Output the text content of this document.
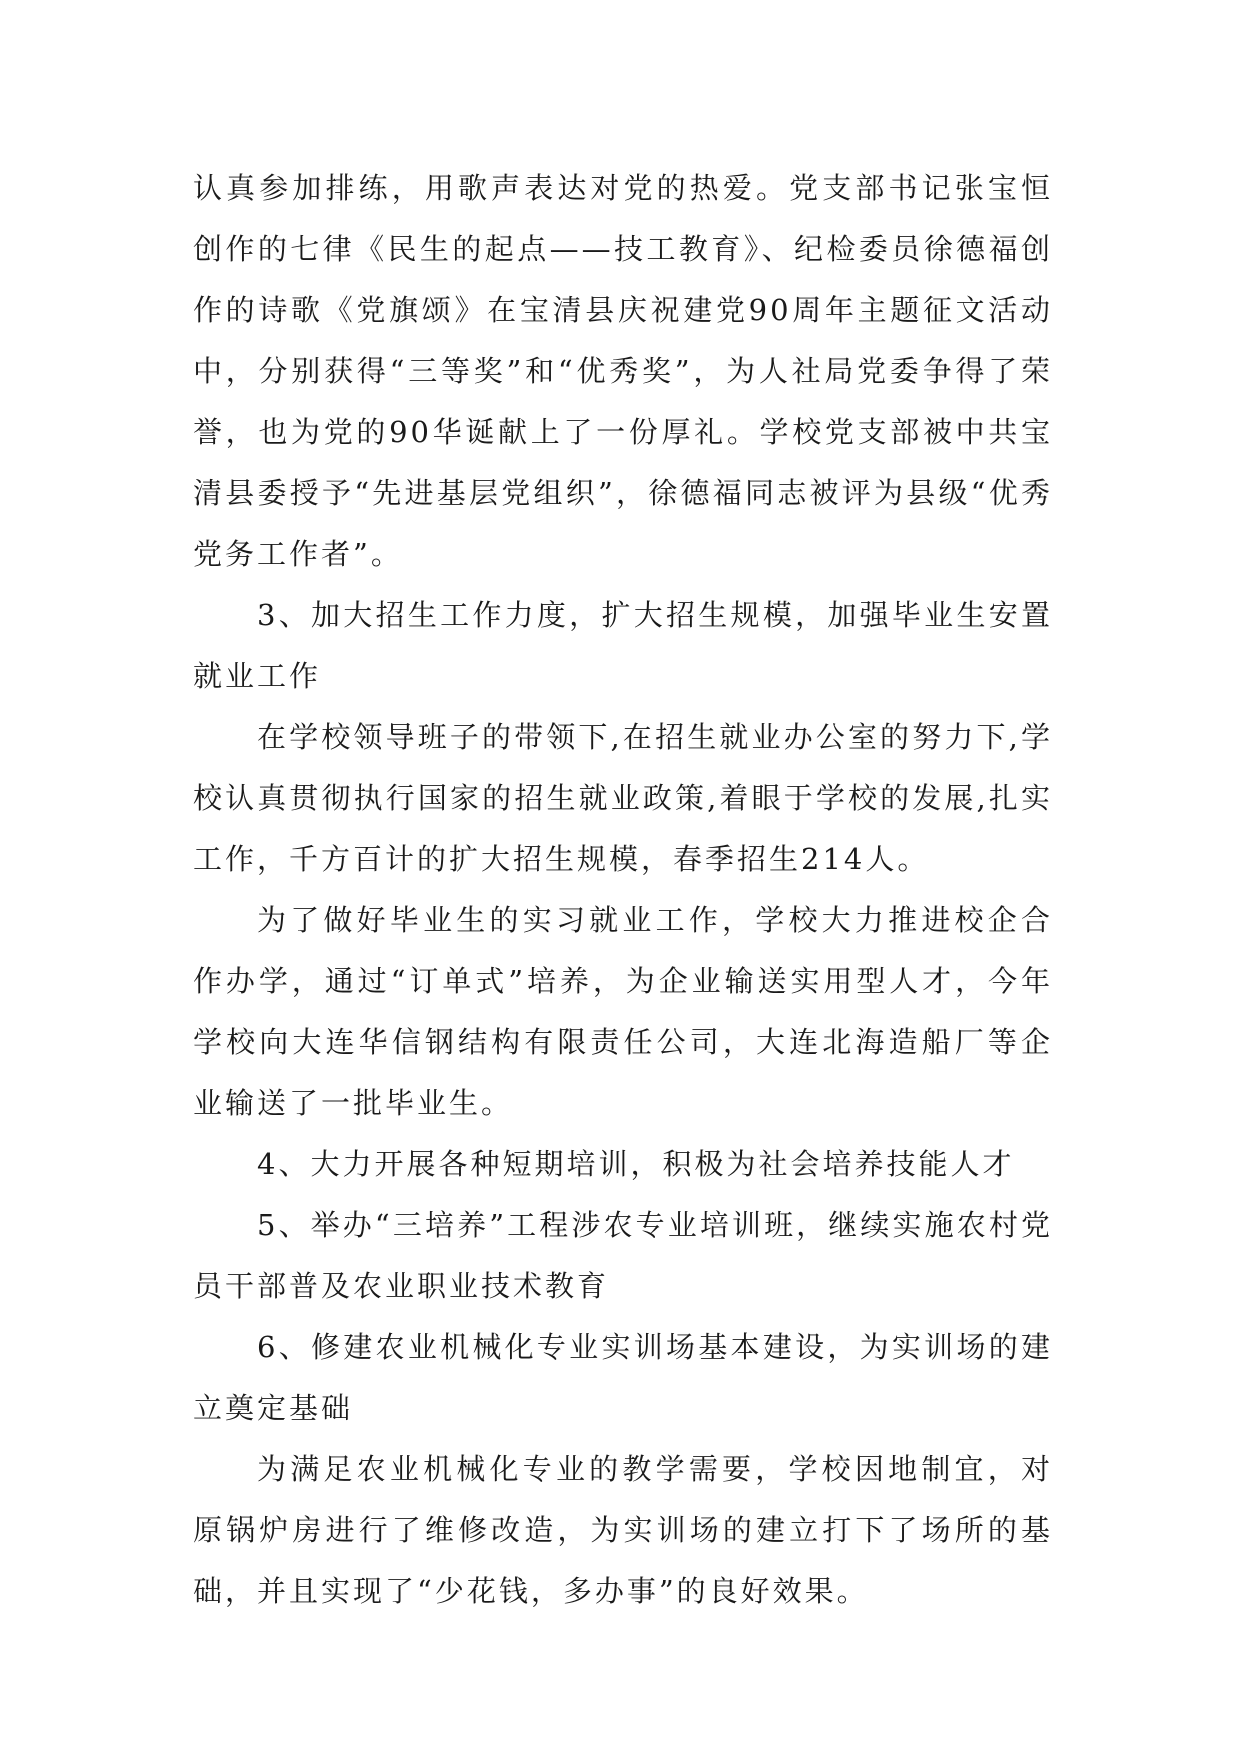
认真参加排练，用歌声表达对党的热爱。党支部书记张宝恒创作的七律《民生的起点——技工教育》、纪检委员徐德福创作的诗歌《党旗颂》在宝清县庆祝建党90周年主题征文活动中，分别获得“三等奖”和“优秀奖”，为人社局党委争得了荣誉，也为党的90华诞献上了一份厚礼。学校党支部被中共宝清县委授予“先进基层党组织”，徐德福同志被评为县级“优秀党务工作者”。

3、加大招生工作力度，扩大招生规模，加强毕业生安置就业工作

在学校领导班子的带领下,在招生就业办公室的努力下,学校认真贯彻执行国家的招生就业政策,着眼于学校的发展,扎实工作，千方百计的扩大招生规模，春季招生214人。

为了做好毕业生的实习就业工作，学校大力推进校企合作办学，通过“订单式”培养，为企业输送实用型人才，今年学校向大连华信钢结构有限责任公司，大连北海造船厂等企业输送了一批毕业生。

4、大力开展各种短期培训，积极为社会培养技能人才

5、举办“三培养”工程涉农专业培训班，继续实施农村党员干部普及农业职业技术教育

6、修建农业机械化专业实训场基本建设，为实训场的建立奠定基础

为满足农业机械化专业的教学需要，学校因地制宜，对原锅炉房进行了维修改造，为实训场的建立打下了场所的基础，并且实现了“少花钱，多办事”的良好效果。
